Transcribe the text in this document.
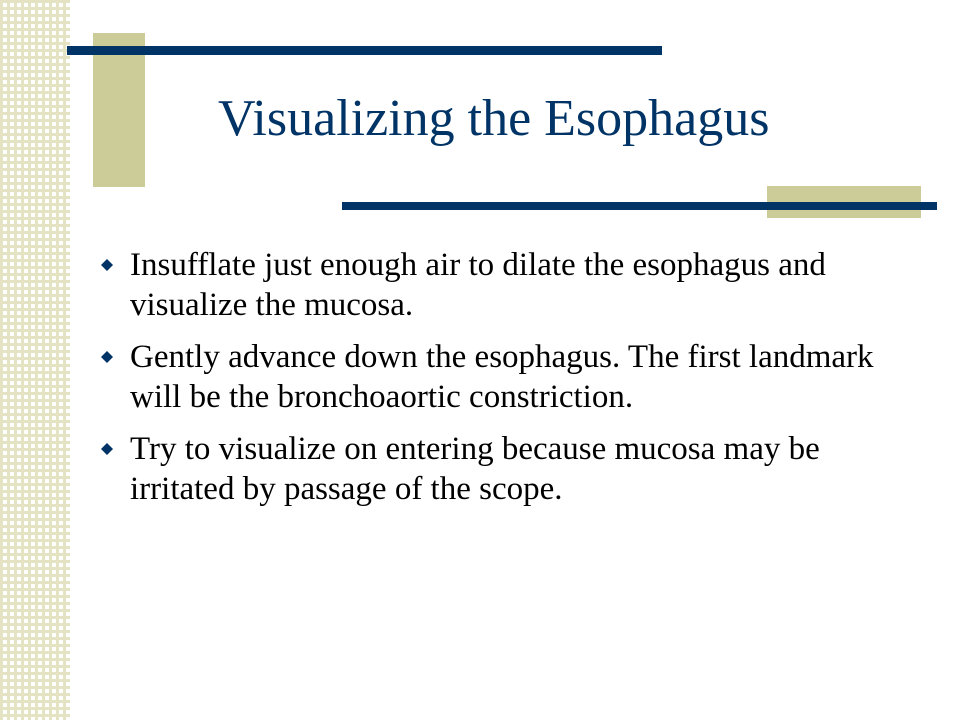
Visualizing the Esophagus
Insufflate just enough air to dilate the esophagus and visualize the mucosa.
Gently advance down the esophagus. The first landmark will be the bronchoaortic constriction.
Try to visualize on entering because mucosa may be irritated by passage of the scope.
